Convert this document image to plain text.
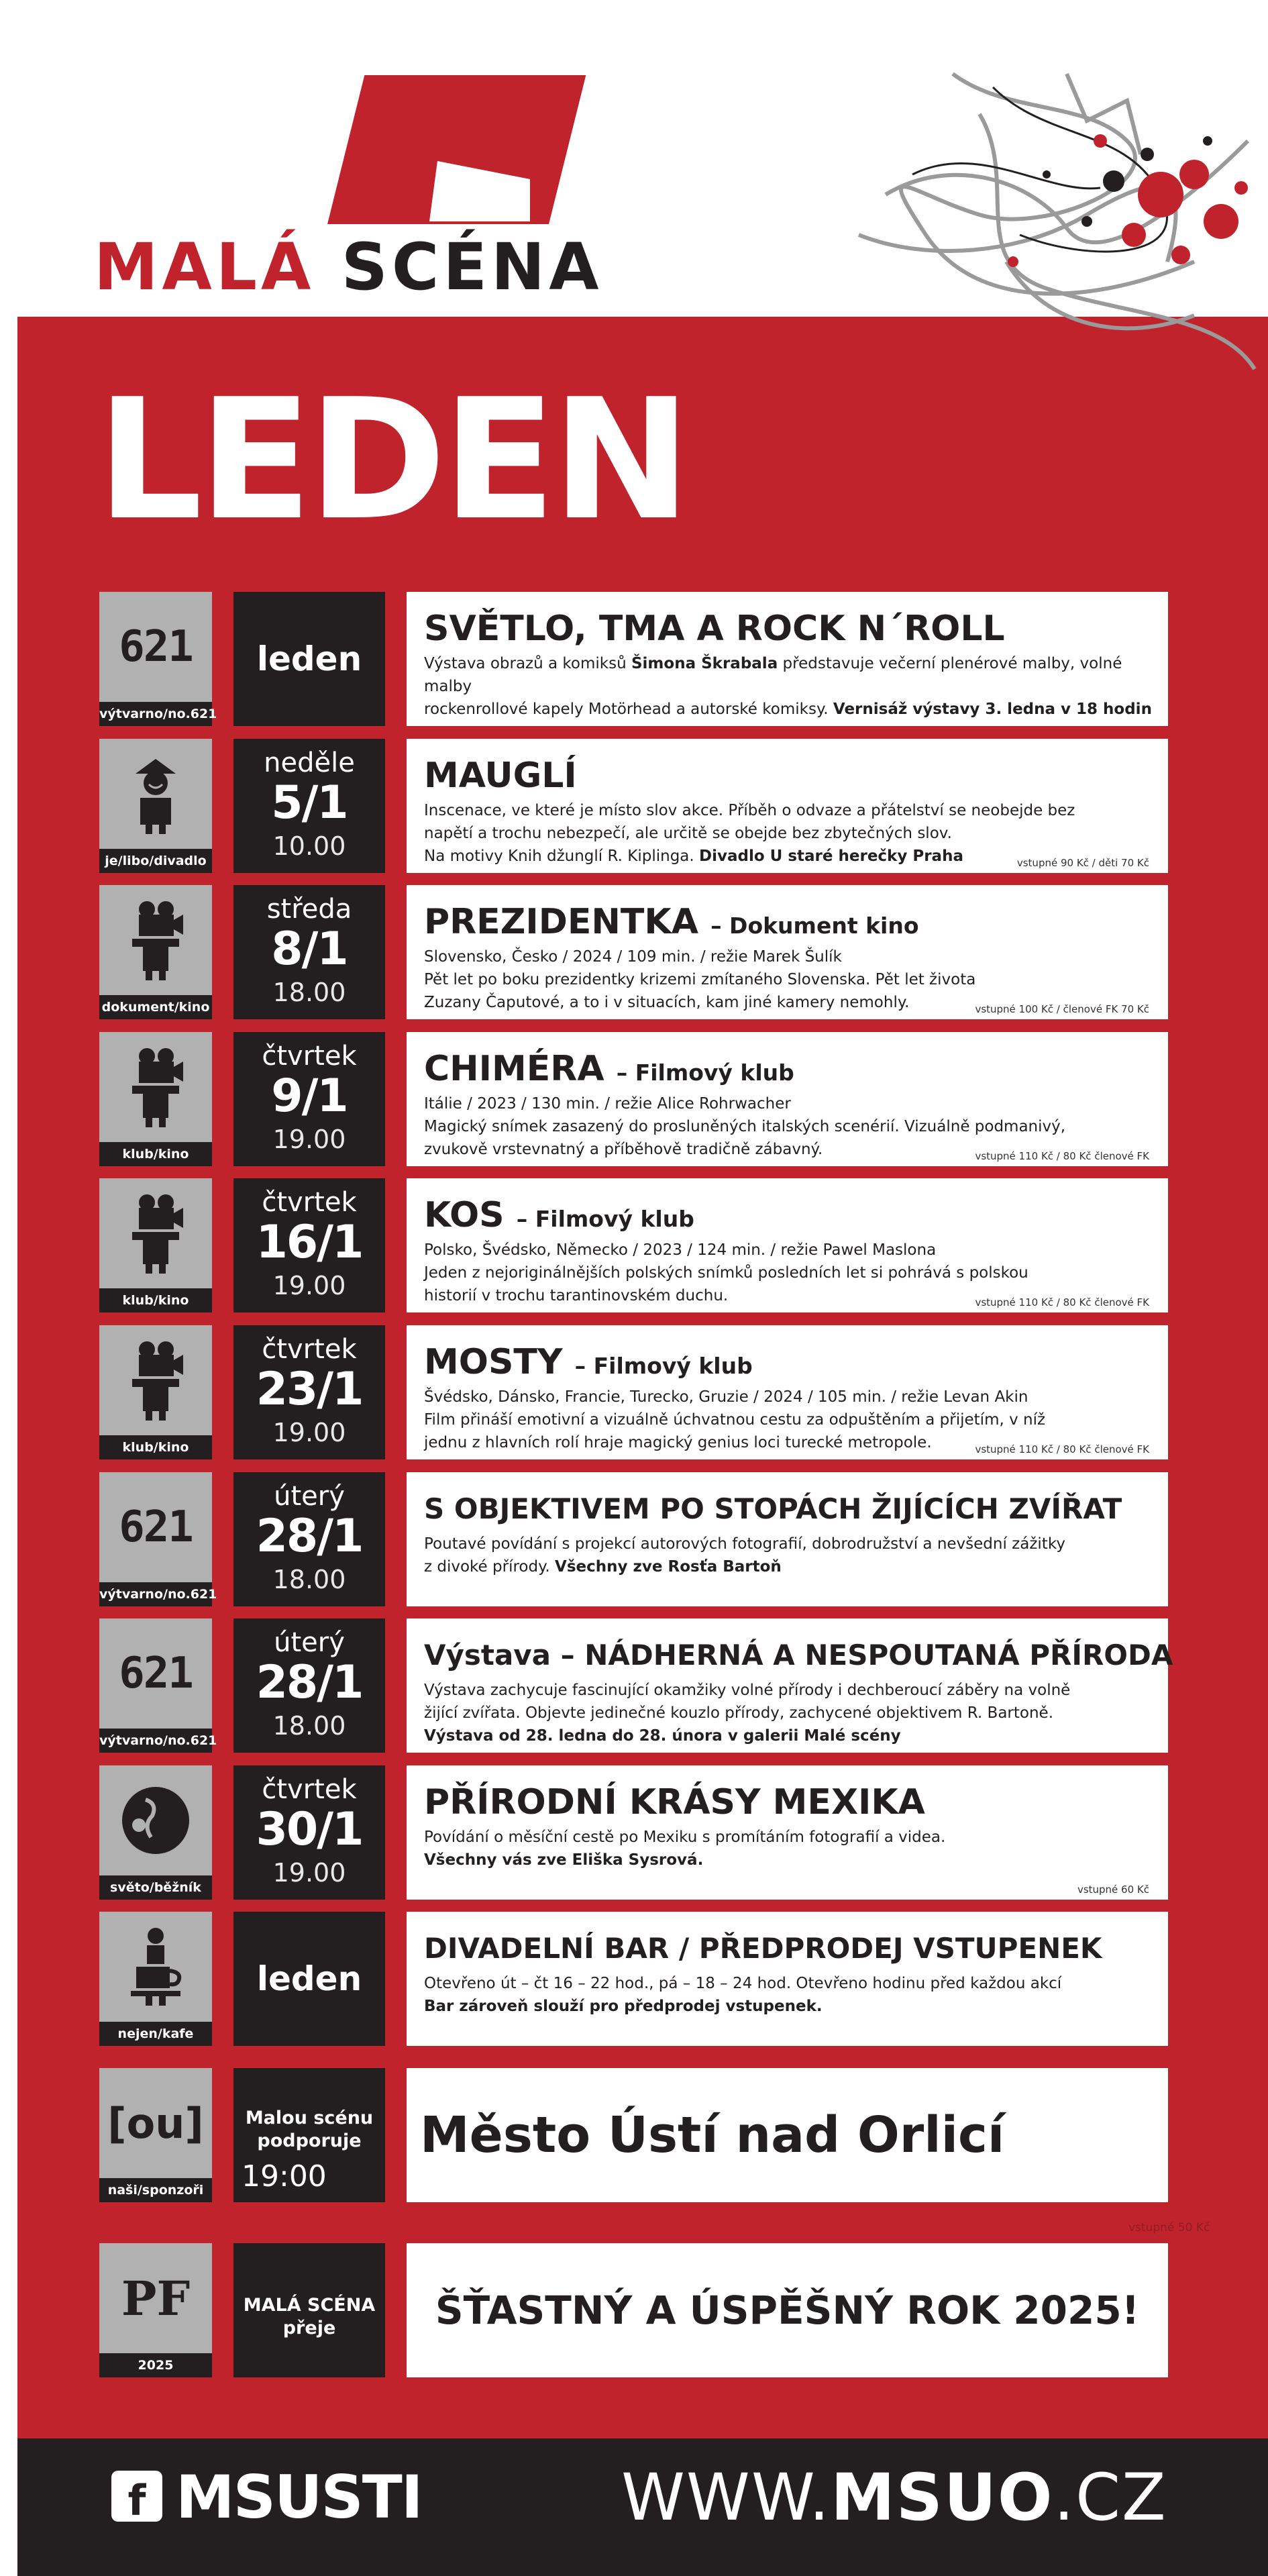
MALÁ SCÉNA
LEDEN
621
výtvarno/no.621
leden
SVĚTLO, TMA A ROCK N´ROLL
Výstava obrazů a komiksů Šimona Škrabala představuje večerní plenérové malby, volné malby
rockenrollové kapely Motörhead a autorské komiksy. Vernisáž výstavy 3. ledna v 18 hodin
je/libo/divadlo
neděle
5/1
10.00
MAUGLÍ
Inscenace, ve které je místo slov akce. Příběh o odvaze a přátelství se neobejde bez
napětí a trochu nebezpečí, ale určitě se obejde bez zbytečných slov.
Na motivy Knih džunglí R. Kiplinga. Divadlo U staré herečky Praha	vstupné 90 Kč / děti 70 Kč
dokument/kino
středa
8/1
18.00
PREZIDENTKA – Dokument kino
Slovensko, Česko / 2024 / 109 min. / režie Marek Šulík
Pět let po boku prezidentky krizemi zmítaného Slovenska. Pět let života
Zuzany Čaputové, a to i v situacích, kam jiné kamery nemohly.	vstupné 100 Kč / členové FK 70 Kč
klub/kino
čtvrtek
9/1
19.00
CHIMÉRA – Filmový klub
Itálie / 2023 / 130 min. / režie Alice Rohrwacher
Magický snímek zasazený do prosluněných italských scenérií. Vizuálně podmanivý,
zvukově vrstevnatný a příběhově tradičně zábavný.	vstupné 110 Kč / 80 Kč členové FK
klub/kino
čtvrtek
16/1
19.00
KOS – Filmový klub
Polsko, Švédsko, Německo / 2023 / 124 min. / režie Pawel Maslona
Jeden z nejoriginálnějších polských snímků posledních let si pohrává s polskou
historií v trochu tarantinovském duchu.	vstupné 110 Kč / 80 Kč členové FK
klub/kino
čtvrtek
23/1
19.00
MOSTY – Filmový klub
Švédsko, Dánsko, Francie, Turecko, Gruzie / 2024 / 105 min. / režie Levan Akin
Film přináší emotivní a vizuálně úchvatnou cestu za odpuštěním a přijetím, v níž
jednu z hlavních rolí hraje magický genius loci turecké metropole.	vstupné 110 Kč / 80 Kč členové FK
621
výtvarno/no.621
úterý
28/1
18.00
S OBJEKTIVEM PO STOPÁCH ŽIJÍCÍCH ZVÍŘAT
Poutavé povídání s projekcí autorových fotografií, dobrodružství a nevšední zážitky
z divoké přírody. Všechny zve Rosťa Bartoň
621
výtvarno/no.621
úterý
28/1
18.00
Výstava – NÁDHERNÁ A NESPOUTANÁ PŘÍRODA
Výstava zachycuje fascinující okamžiky volné přírody i dechberoucí záběry na volně
žijící zvířata. Objevte jedinečné kouzlo přírody, zachycené objektivem R. Bartoně.
Výstava od 28. ledna do 28. února v galerii Malé scény
světo/běžník
čtvrtek
30/1
19.00
PŘÍRODNÍ KRÁSY MEXIKA
Povídání o měsíční cestě po Mexiku s promítáním fotografií a videa.
Všechny vás zve Eliška Sysrová.
vstupné 60 Kč
nejen/kafe
leden
DIVADELNÍ BAR / PŘEDPRODEJ VSTUPENEK
Otevřeno út – čt 16 – 22 hod., pá – 18 – 24 hod. Otevřeno hodinu před každou akcí
Bar zároveň slouží pro předprodej vstupenek.
[ou]
naši/sponzoři
Malou scénu podporuje
19:00
Město Ústí nad Orlicí
vstupné 50 Kč
PF
2025
MALÁ SCÉNA přeje	ŠŤASTNÝ A ÚSPĚŠNÝ ROK 2025!
f MSUSTI	WWW.MSUO.CZ
